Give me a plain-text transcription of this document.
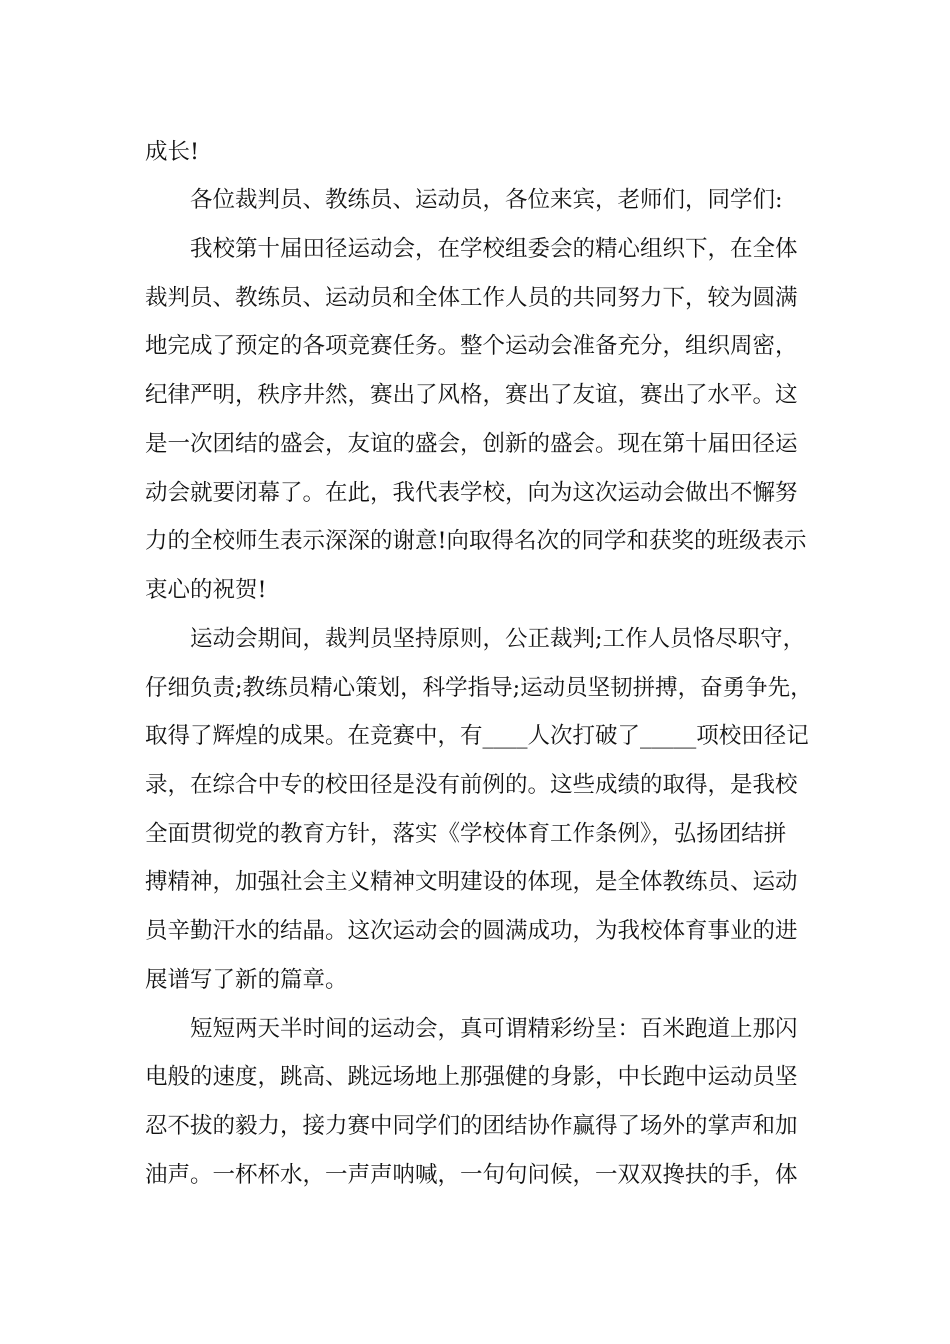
成长!
各位裁判员、教练员、运动员，各位来宾，老师们，同学们:
我校第十届田径运动会，在学校组委会的精心组织下，在全体
裁判员、教练员、运动员和全体工作人员的共同努力下，较为圆满
地完成了预定的各项竞赛任务。整个运动会准备充分，组织周密，
纪律严明，秩序井然，赛出了风格，赛出了友谊，赛出了水平。这
是一次团结的盛会，友谊的盛会，创新的盛会。现在第十届田径运
动会就要闭幕了。在此，我代表学校，向为这次运动会做出不懈努
力的全校师生表示深深的谢意!向取得名次的同学和获奖的班级表示
衷心的祝贺!
运动会期间，裁判员坚持原则，公正裁判;工作人员恪尽职守，
仔细负责;教练员精心策划，科学指导;运动员坚韧拼搏，奋勇争先，
取得了辉煌的成果。在竞赛中，有____人次打破了_____项校田径记
录，在综合中专的校田径是没有前例的。这些成绩的取得，是我校
全面贯彻党的教育方针，落实《学校体育工作条例》，弘扬团结拼
搏精神，加强社会主义精神文明建设的体现，是全体教练员、运动
员辛勤汗水的结晶。这次运动会的圆满成功，为我校体育事业的进
展谱写了新的篇章。
短短两天半时间的运动会，真可谓精彩纷呈：百米跑道上那闪
电般的速度，跳高、跳远场地上那强健的身影，中长跑中运动员坚
忍不拔的毅力，接力赛中同学们的团结协作赢得了场外的掌声和加
油声。一杯杯水，一声声呐喊，一句句问候，一双双搀扶的手，体
